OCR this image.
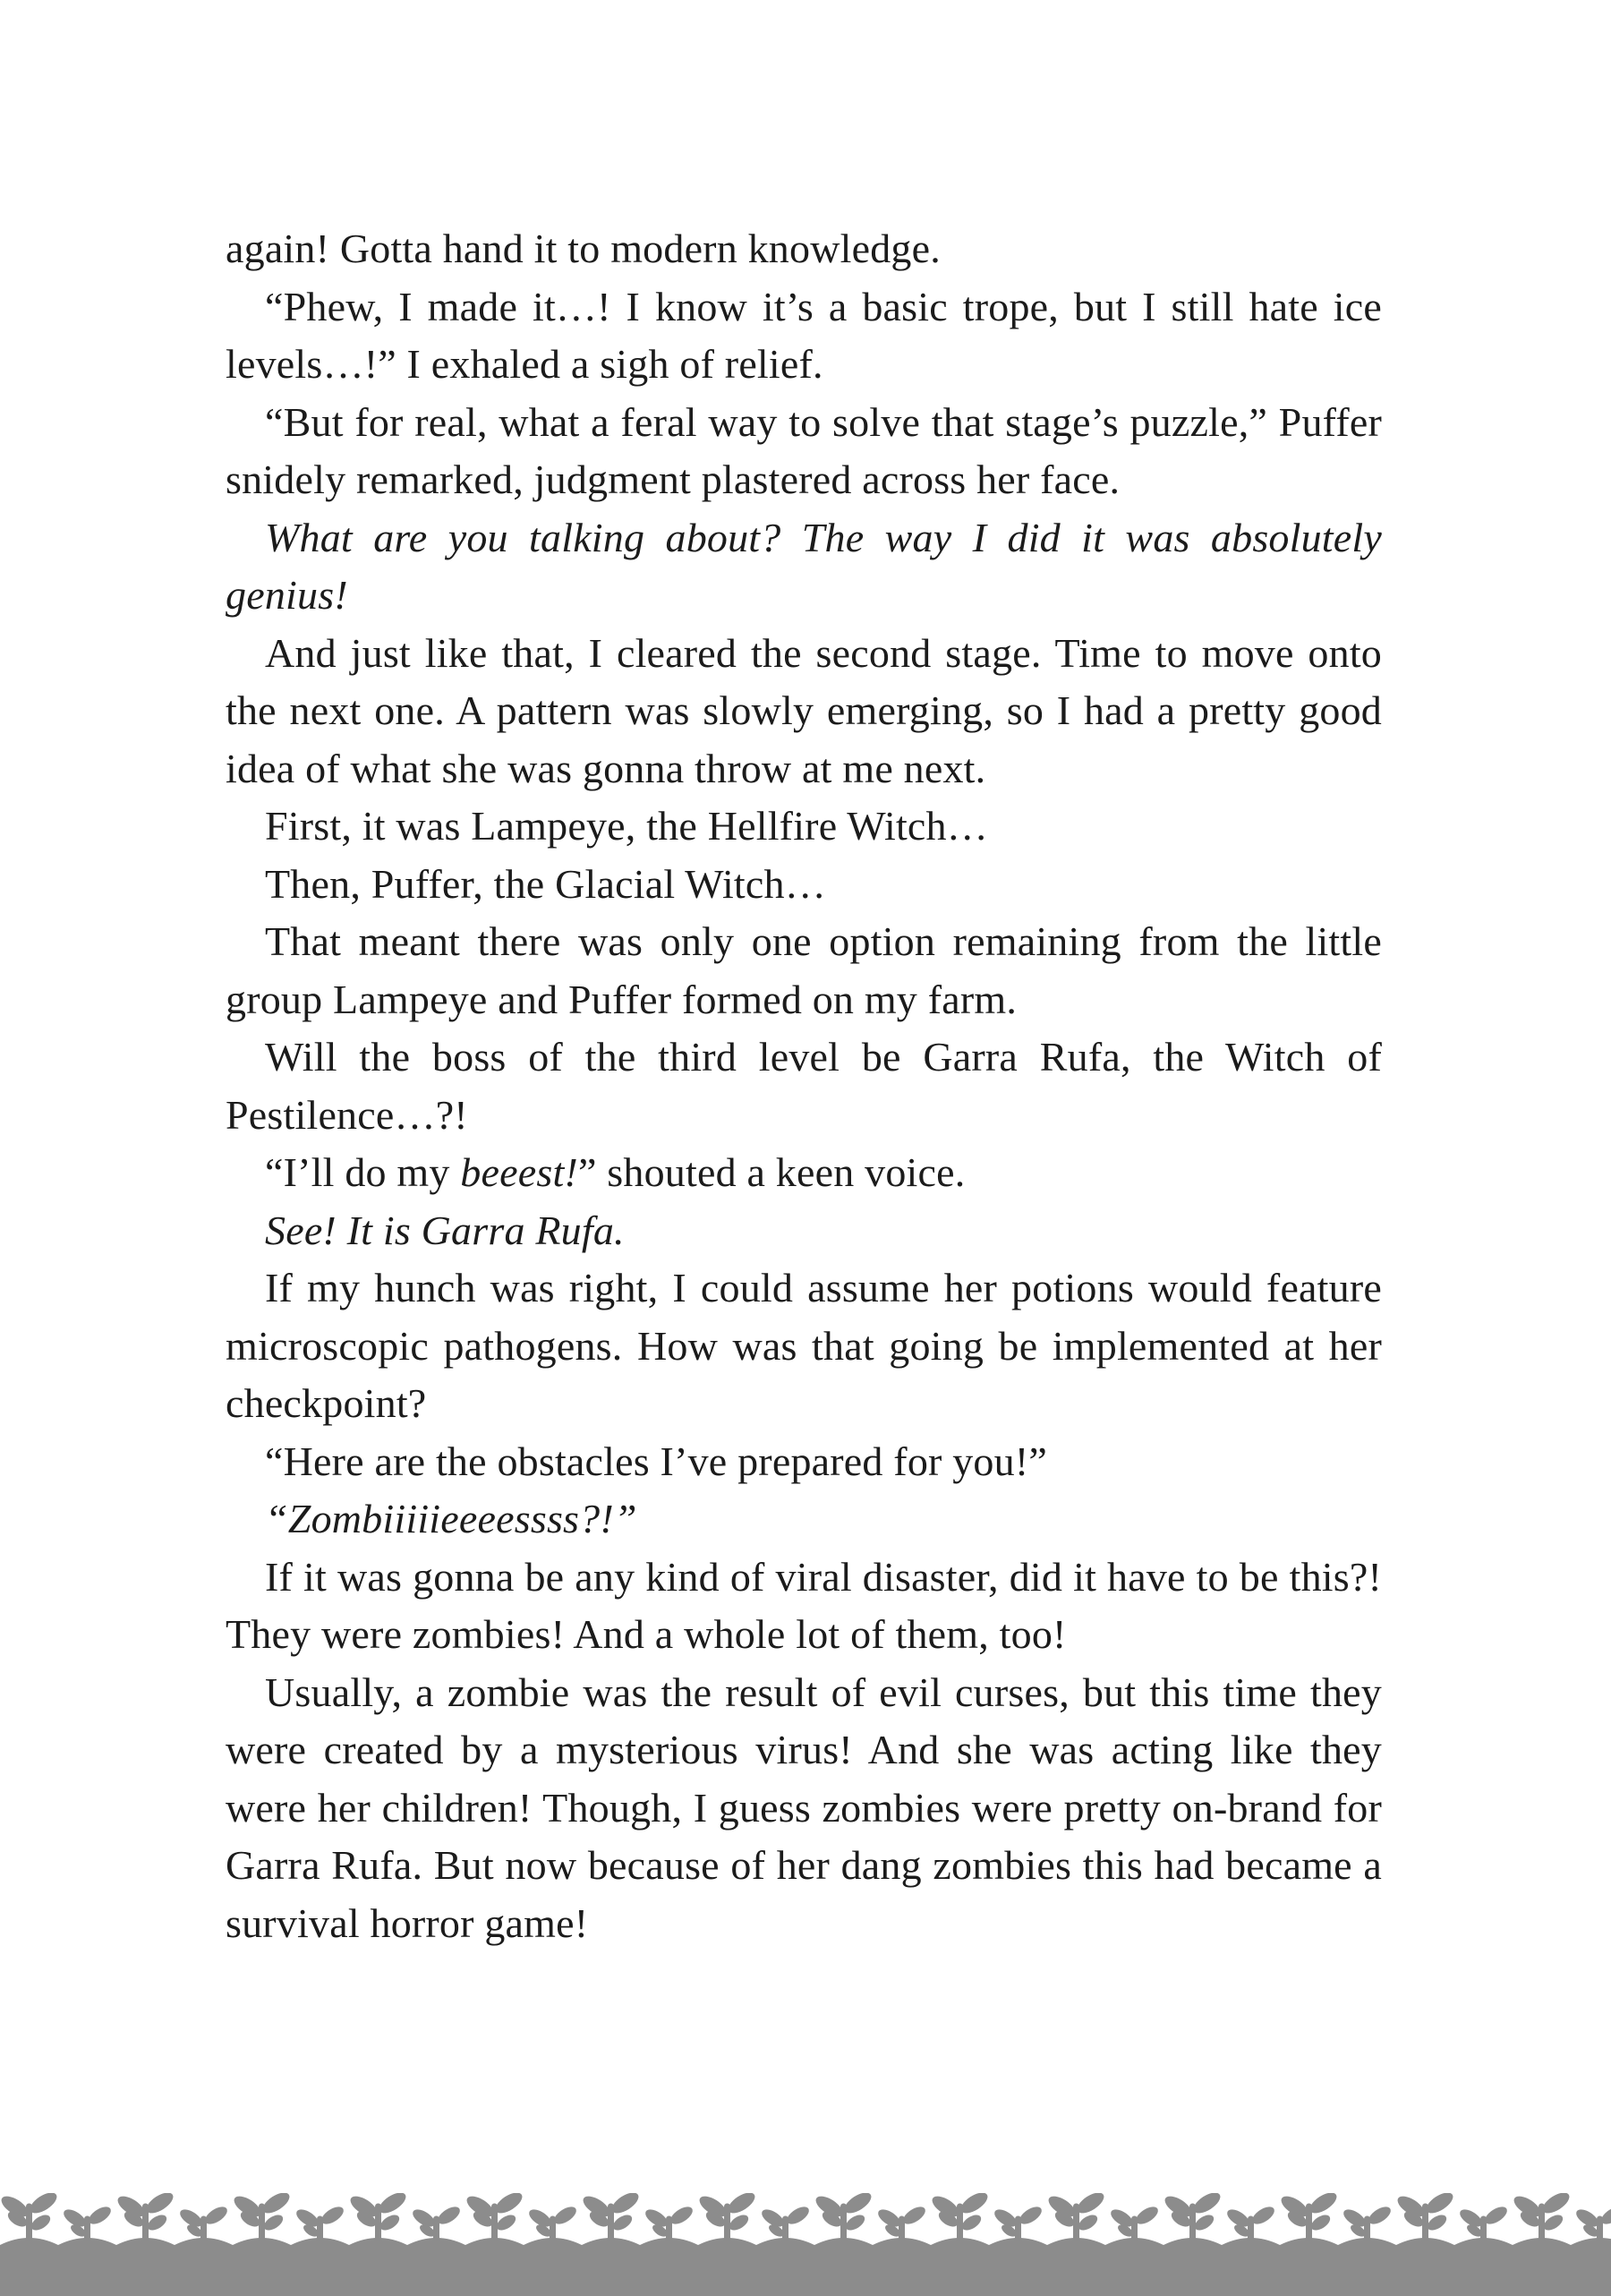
again! Gotta hand it to modern knowledge.

“Phew, I made it…! I know it’s a basic trope, but I still hate ice levels…!” I exhaled a sigh of relief.

“But for real, what a feral way to solve that stage’s puzzle,” Puffer snidely remarked, judgment plastered across her face.

What are you talking about? The way I did it was absolutely genius!

And just like that, I cleared the second stage. Time to move onto the next one. A pattern was slowly emerging, so I had a pretty good idea of what she was gonna throw at me next.

First, it was Lampeye, the Hellfire Witch…

Then, Puffer, the Glacial Witch…

That meant there was only one option remaining from the little group Lampeye and Puffer formed on my farm.

Will the boss of the third level be Garra Rufa, the Witch of Pestilence…?!

“I’ll do my beeest!” shouted a keen voice.

See! It is Garra Rufa.

If my hunch was right, I could assume her potions would feature microscopic pathogens. How was that going be implemented at her checkpoint?

“Here are the obstacles I’ve prepared for you!”

“Zombiiiiieeeessss?!”

If it was gonna be any kind of viral disaster, did it have to be this?! They were zombies! And a whole lot of them, too!

Usually, a zombie was the result of evil curses, but this time they were created by a mysterious virus! And she was acting like they were her children! Though, I guess zombies were pretty on-brand for Garra Rufa. But now because of her dang zombies this had became a survival horror game!
